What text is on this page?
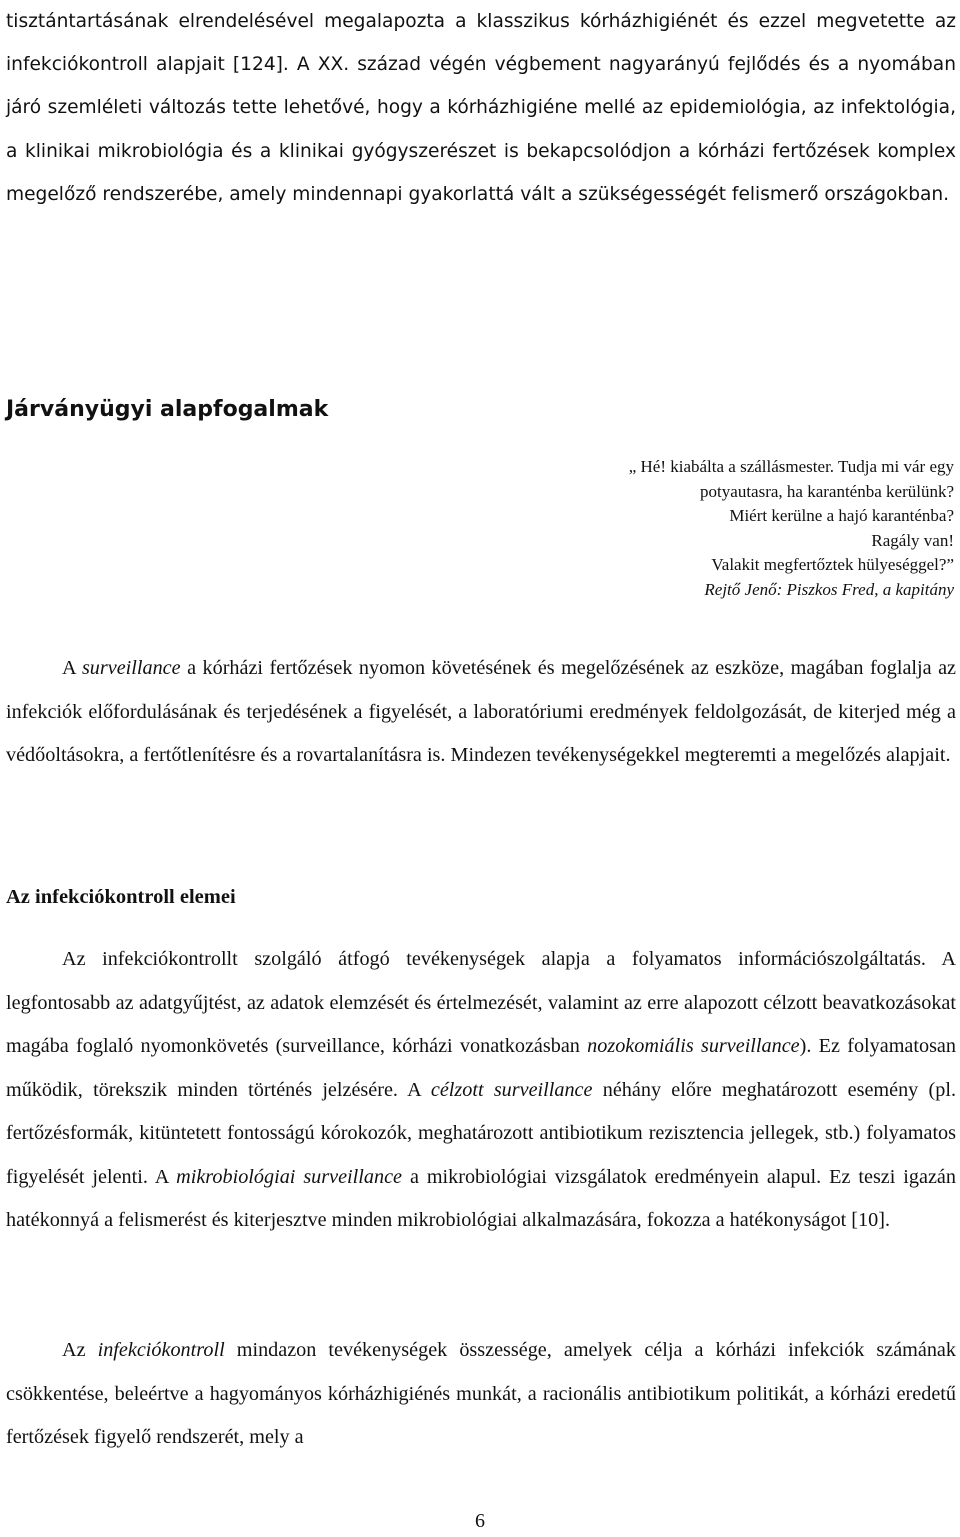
tisztántartásának elrendelésével megalapozta a klasszikus kórházhigiénét és ezzel megvetette az infekciókontroll alapjait [124]. A XX. század végén végbement nagyarányú fejlődés és a nyomában járó szemléleti változás tette lehetővé, hogy a kórházhigiéne mellé az epidemiológia, az infektológia, a klinikai mikrobiológia és a klinikai gyógyszerészet is bekapcsolódjon a kórházi fertőzések komplex megelőző rendszerébe, amely mindennapi gyakorlattá vált a szükségességét felismerő országokban.

Járványügyi alapfogalmak
„ Hé! kiabálta a szállásmester. Tudja mi vár egy
potyautasra, ha karanténba kerülünk?
Miért kerülne a hajó karanténba?
Ragály van!
Valakit megfertőztek hülyeséggel?”
Rejtő Jenő: Piszkos Fred, a kapitány

A surveillance a kórházi fertőzések nyomon követésének és megelőzésének az eszköze, magában foglalja az infekciók előfordulásának és terjedésének a figyelését, a laboratóriumi eredmények feldolgozását, de kiterjed még a védőoltásokra, a fertőtlenítésre és a rovartalanításra is. Mindezen tevékenységekkel megteremti a megelőzés alapjait.

Az infekciókontroll elemei

Az infekciókontrollt szolgáló átfogó tevékenységek alapja a folyamatos információszolgáltatás. A legfontosabb az adatgyűjtést, az adatok elemzését és értelmezését, valamint az erre alapozott célzott beavatkozásokat magába foglaló nyomonkövetés (surveillance, kórházi vonatkozásban nozokomiális surveillance). Ez folyamatosan működik, törekszik minden történés jelzésére. A célzott surveillance néhány előre meghatározott esemény (pl. fertőzésformák, kitüntetett fontosságú kórokozók, meghatározott antibiotikum rezisztencia jellegek, stb.) folyamatos figyelését jelenti. A mikrobiológiai surveillance a mikrobiológiai vizsgálatok eredményein alapul. Ez teszi igazán hatékonnyá a felismerést és kiterjesztve minden mikrobiológiai alkalmazására, fokozza a hatékonyságot [10].

Az infekciókontroll mindazon tevékenységek összessége, amelyek célja a kórházi infekciók számának csökkentése, beleértve a hagyományos kórházhigiénés munkát, a racionális antibiotikum politikát, a kórházi eredetű fertőzések figyelő rendszerét, mely a

6
